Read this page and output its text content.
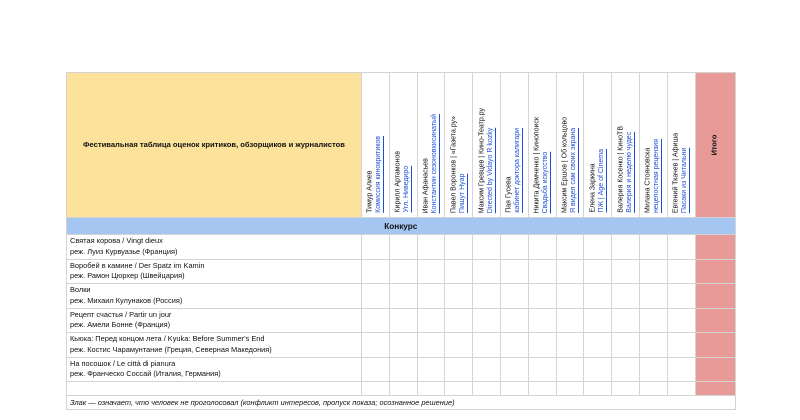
Фестивальная таблица оценок критиков, обзорщиков и журналистов
Тимур Алиев Комиссия кинокритиков Кирилл Артамонов Угл. Ниведиро Иван Афанасьев Константин сезоновхисинатый Павел Воронков | «Газета.ру» Пишут Нуар Максим Гревцев | Кино-Театр.ру Directed by Vidayo R kozky Пая Гусева кабинет доктора калигари Никита Демченко | Кинопоиск Свадьба искусство Максим Ершов | Об кольцово Я видел сам своих экрана Елена Заркина ПЖ | Age of Cinema Валерия Косенко | КиноТВ Валерия и неделю чудес Милана Стояновска нецелостная рецензия Евгений Ткачев | Афиша Пасаки из Читальни
Итого
Конкурс
Святая корова / Vingt dieux
реж. Луиз Курвуазье (Франция)
Воробей в камине / Der Spatz im Kamin
реж. Рамон Цюрхер (Швейцария)
Волки
реж. Михаил Кулунаков (Россия)
Рецепт счастья / Partir un jour
реж. Амели Бонне (Франция)
Кьюка: Перед концом лета / Kyuka: Before Summer's End
реж. Костис Чарамунтание (Греция, Северная Македония)
На посошок / Le città di pianura
реж. Франческо Соссай (Италия, Германия)
Злак — означает, что человек не проголосовал (конфликт интересов, пропуск показа; осознанное решение)
